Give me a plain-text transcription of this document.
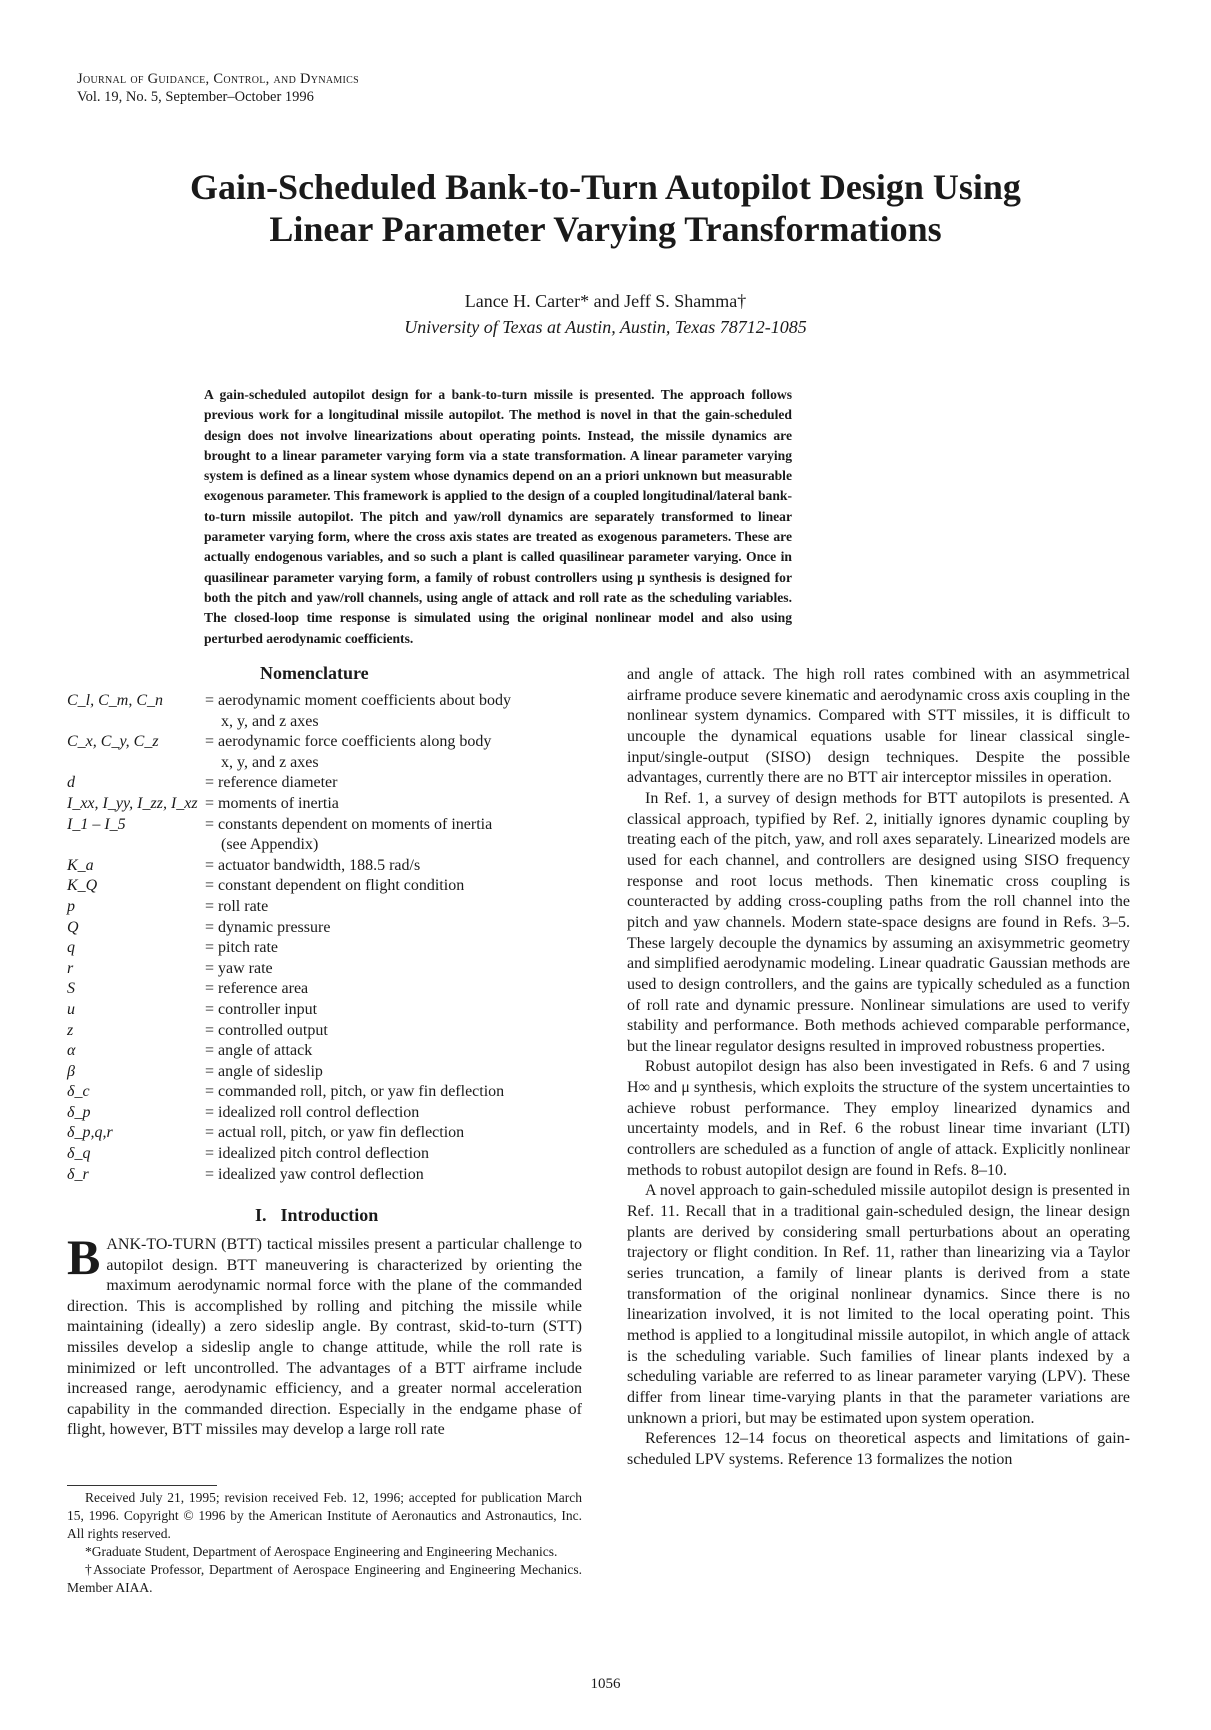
Journal of Guidance, Control, and Dynamics
Vol. 19, No. 5, September–October 1996
Gain-Scheduled Bank-to-Turn Autopilot Design Using
Linear Parameter Varying Transformations
Lance H. Carter* and Jeff S. Shamma†
University of Texas at Austin, Austin, Texas 78712-1085
A gain-scheduled autopilot design for a bank-to-turn missile is presented. The approach follows previous work for a longitudinal missile autopilot. The method is novel in that the gain-scheduled design does not involve linearizations about operating points. Instead, the missile dynamics are brought to a linear parameter varying form via a state transformation. A linear parameter varying system is defined as a linear system whose dynamics depend on an a priori unknown but measurable exogenous parameter. This framework is applied to the design of a coupled longitudinal/lateral bank-to-turn missile autopilot. The pitch and yaw/roll dynamics are separately transformed to linear parameter varying form, where the cross axis states are treated as exogenous parameters. These are actually endogenous variables, and so such a plant is called quasilinear parameter varying. Once in quasilinear parameter varying form, a family of robust controllers using μ synthesis is designed for both the pitch and yaw/roll channels, using angle of attack and roll rate as the scheduling variables. The closed-loop time response is simulated using the original nonlinear model and also using perturbed aerodynamic coefficients.
Nomenclature
C_l, C_m, C_n	= aerodynamic moment coefficients about body
x, y, and z axes
C_x, C_y, C_z	= aerodynamic force coefficients along body
x, y, and z axes
d	= reference diameter
I_xx, I_yy, I_zz, I_xz = moments of inertia
I_1 – I_5	= constants dependent on moments of inertia
(see Appendix)
K_a	= actuator bandwidth, 188.5 rad/s
K_Q	= constant dependent on flight condition
p	= roll rate
Q	= dynamic pressure
q	= pitch rate
r	= yaw rate
S	= reference area
u	= controller input
z	= controlled output
α	= angle of attack
β	= angle of sideslip
δ_c	= commanded roll, pitch, or yaw fin deflection
δ_p	= idealized roll control deflection
δ_p,q,r	= actual roll, pitch, or yaw fin deflection
δ_q	= idealized pitch control deflection
δ_r	= idealized yaw control deflection
I. Introduction
BANK-TO-TURN (BTT) tactical missiles present a particular challenge to autopilot design. BTT maneuvering is characterized by orienting the maximum aerodynamic normal force with the plane of the commanded direction. This is accomplished by rolling and pitching the missile while maintaining (ideally) a zero sideslip angle. By contrast, skid-to-turn (STT) missiles develop a sideslip angle to change attitude, while the roll rate is minimized or left uncontrolled. The advantages of a BTT airframe include increased range, aerodynamic efficiency, and a greater normal acceleration capability in the commanded direction. Especially in the endgame phase of flight, however, BTT missiles may develop a large roll rate

Received July 21, 1995; revision received Feb. 12, 1996; accepted for publication March 15, 1996. Copyright © 1996 by the American Institute of Aeronautics and Astronautics, Inc. All rights reserved.

*Graduate Student, Department of Aerospace Engineering and Engineering Mechanics.

†Associate Professor, Department of Aerospace Engineering and Engineering Mechanics. Member AIAA.

and angle of attack. The high roll rates combined with an asymmetrical airframe produce severe kinematic and aerodynamic cross axis coupling in the nonlinear system dynamics. Compared with STT missiles, it is difficult to uncouple the dynamical equations usable for linear classical single-input/single-output (SISO) design techniques. Despite the possible advantages, currently there are no BTT air interceptor missiles in operation.

In Ref. 1, a survey of design methods for BTT autopilots is presented. A classical approach, typified by Ref. 2, initially ignores dynamic coupling by treating each of the pitch, yaw, and roll axes separately. Linearized models are used for each channel, and controllers are designed using SISO frequency response and root locus methods. Then kinematic cross coupling is counteracted by adding cross-coupling paths from the roll channel into the pitch and yaw channels. Modern state-space designs are found in Refs. 3–5. These largely decouple the dynamics by assuming an axisymmetric geometry and simplified aerodynamic modeling. Linear quadratic Gaussian methods are used to design controllers, and the gains are typically scheduled as a function of roll rate and dynamic pressure. Nonlinear simulations are used to verify stability and performance. Both methods achieved comparable performance, but the linear regulator designs resulted in improved robustness properties.

Robust autopilot design has also been investigated in Refs. 6 and 7 using H∞ and μ synthesis, which exploits the structure of the system uncertainties to achieve robust performance. They employ linearized dynamics and uncertainty models, and in Ref. 6 the robust linear time invariant (LTI) controllers are scheduled as a function of angle of attack. Explicitly nonlinear methods to robust autopilot design are found in Refs. 8–10.

A novel approach to gain-scheduled missile autopilot design is presented in Ref. 11. Recall that in a traditional gain-scheduled design, the linear design plants are derived by considering small perturbations about an operating trajectory or flight condition. In Ref. 11, rather than linearizing via a Taylor series truncation, a family of linear plants is derived from a state transformation of the original nonlinear dynamics. Since there is no linearization involved, it is not limited to the local operating point. This method is applied to a longitudinal missile autopilot, in which angle of attack is the scheduling variable. Such families of linear plants indexed by a scheduling variable are referred to as linear parameter varying (LPV). These differ from linear time-varying plants in that the parameter variations are unknown a priori, but may be estimated upon system operation.

References 12–14 focus on theoretical aspects and limitations of gain-scheduled LPV systems. Reference 13 formalizes the notion

1056
